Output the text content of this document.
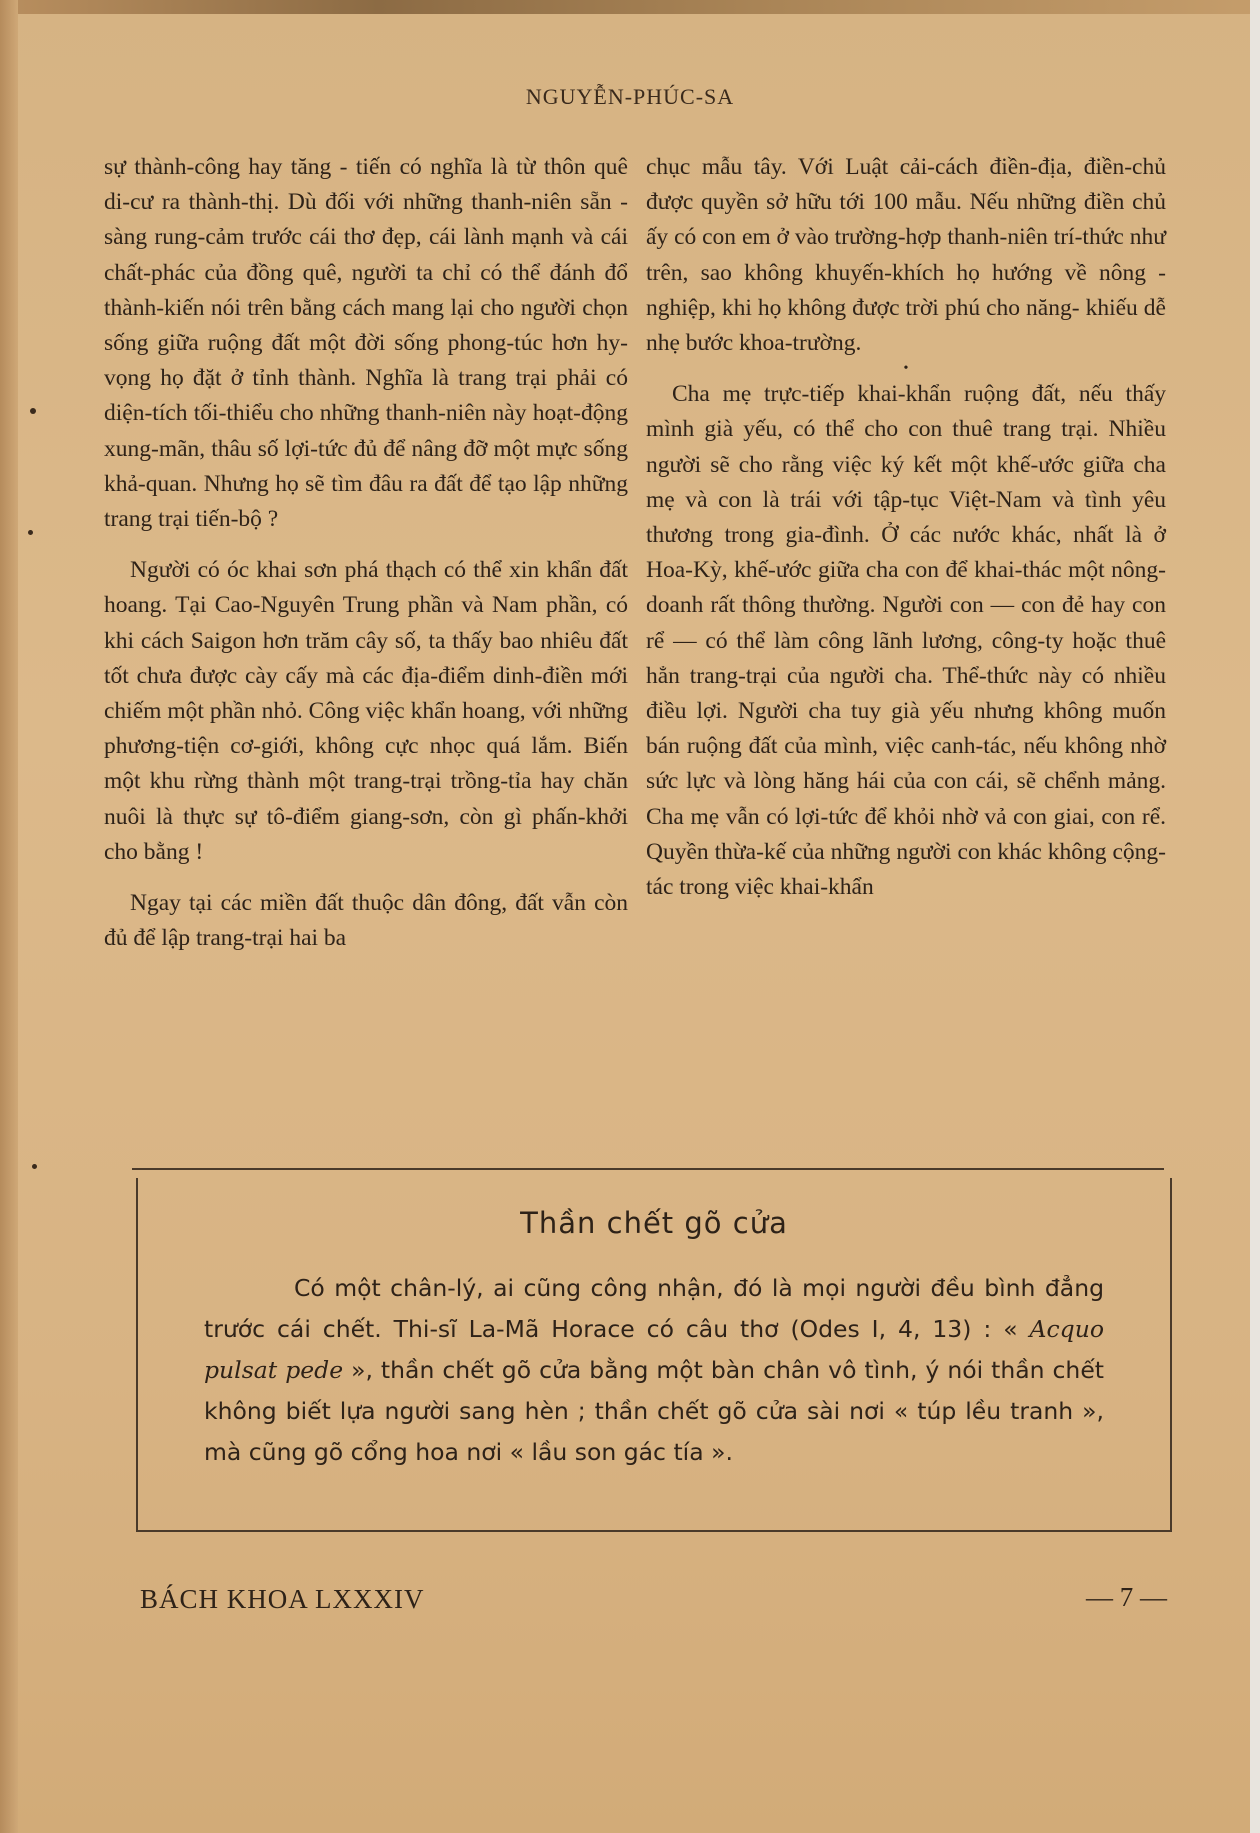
NGUYỄN-PHÚC-SA

sự thành-công hay tăng - tiến có nghĩa là từ thôn quê di-cư ra thành-thị. Dù đối với những thanh-niên sẵn - sàng rung-cảm trước cái thơ đẹp, cái lành mạnh và cái chất-phác của đồng quê, người ta chỉ có thể đánh đổ thành-kiến nói trên bằng cách mang lại cho người chọn sống giữa ruộng đất một đời sống phong-túc hơn hy-vọng họ đặt ở tỉnh thành. Nghĩa là trang trại phải có diện-tích tối-thiểu cho những thanh-niên này hoạt-động xung-mãn, thâu số lợi-tức đủ để nâng đỡ một mực sống khả-quan. Nhưng họ sẽ tìm đâu ra đất để tạo lập những trang trại tiến-bộ ?

Người có óc khai sơn phá thạch có thể xin khẩn đất hoang. Tại Cao-Nguyên Trung phần và Nam phần, có khi cách Saigon hơn trăm cây số, ta thấy bao nhiêu đất tốt chưa được cày cấy mà các địa-điểm dinh-điền mới chiếm một phần nhỏ. Công việc khẩn hoang, với những phương-tiện cơ-giới, không cực nhọc quá lắm. Biến một khu rừng thành một trang-trại trồng-tỉa hay chăn nuôi là thực sự tô-điểm giang-sơn, còn gì phấn-khởi cho bằng !

Ngay tại các miền đất thuộc dân đông, đất vẫn còn đủ để lập trang-trại hai ba

chục mẫu tây. Với Luật cải-cách điền-địa, điền-chủ được quyền sở hữu tới 100 mẫu. Nếu những điền chủ ấy có con em ở vào trường-hợp thanh-niên trí-thức như trên, sao không khuyến-khích họ hướng về nông - nghiệp, khi họ không được trời phú cho năng- khiếu dễ nhẹ bước khoa-trường.

•

Cha mẹ trực-tiếp khai-khẩn ruộng đất, nếu thấy mình già yếu, có thể cho con thuê trang trại. Nhiều người sẽ cho rằng việc ký kết một khế-ước giữa cha mẹ và con là trái với tập-tục Việt-Nam và tình yêu thương trong gia-đình. Ở các nước khác, nhất là ở Hoa-Kỳ, khế-ước giữa cha con để khai-thác một nông-doanh rất thông thường. Người con — con đẻ hay con rể — có thể làm công lãnh lương, công-ty hoặc thuê hẳn trang-trại của người cha. Thể-thức này có nhiều điều lợi. Người cha tuy già yếu nhưng không muốn bán ruộng đất của mình, việc canh-tác, nếu không nhờ sức lực và lòng hăng hái của con cái, sẽ chểnh mảng. Cha mẹ vẫn có lợi-tức để khỏi nhờ vả con giai, con rể. Quyền thừa-kế của những người con khác không cộng-tác trong việc khai-khẩn

Thần chết gõ cửa
Có một chân-lý, ai cũng công nhận, đó là mọi người đều bình đẳng trước cái chết. Thi-sĩ La-Mã Horace có câu thơ (Odes I, 4, 13) : « Acquo pulsat pede », thần chết gõ cửa bằng một bàn chân vô tình, ý nói thần chết không biết lựa người sang hèn ; thần chết gõ cửa sài nơi « túp lều tranh », mà cũng gõ cổng hoa nơi « lầu son gác tía ».
BÁCH KHOA LXXXIV	— 7 —
